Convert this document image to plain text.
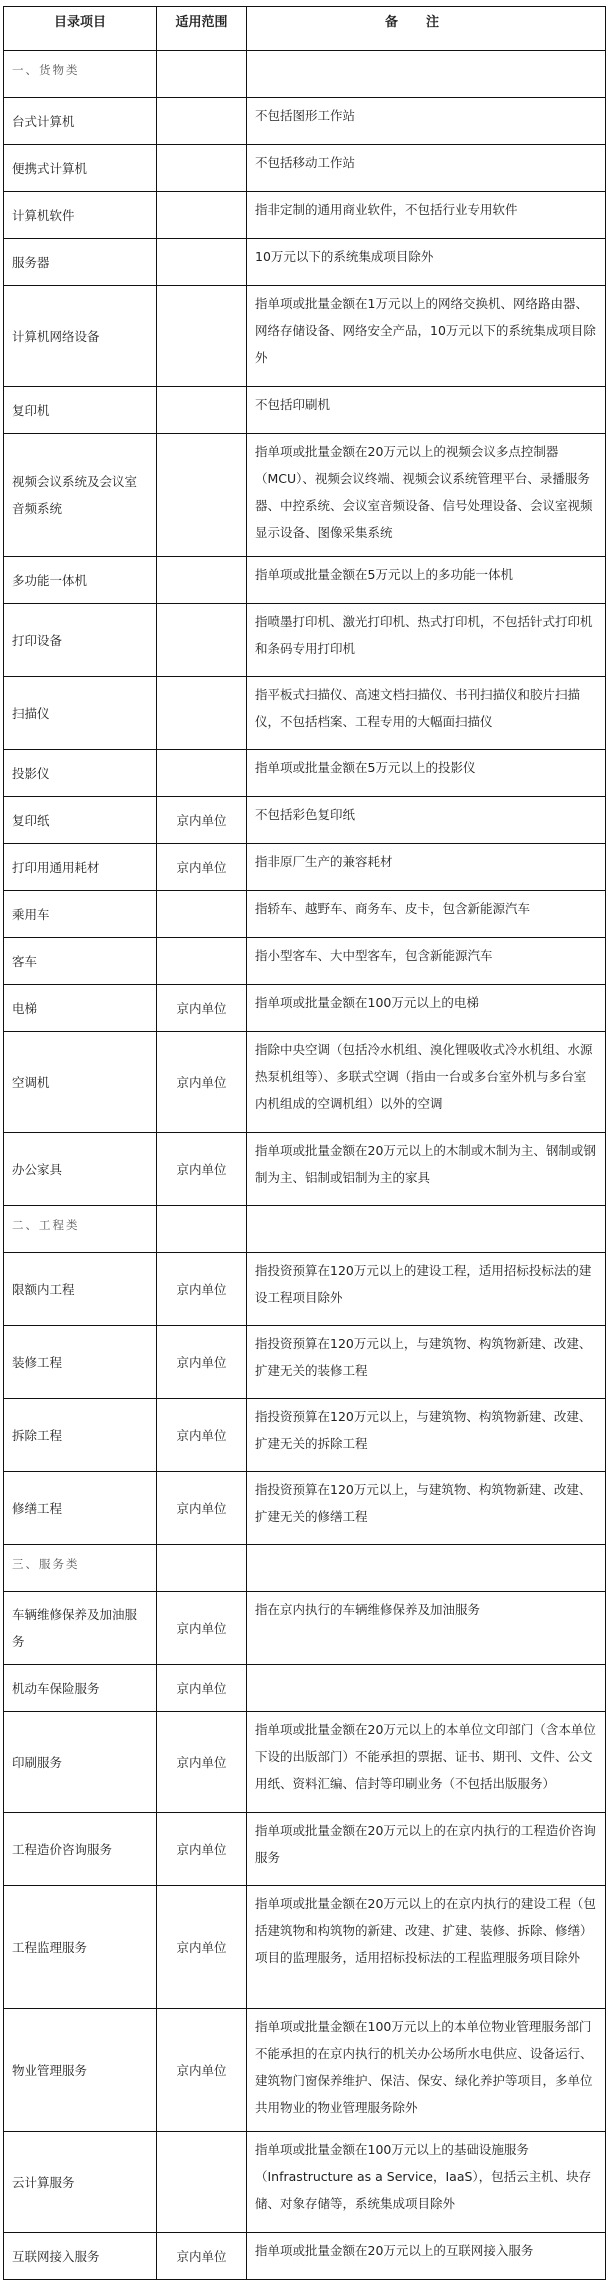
目录项目	适用范围	备注
一、货物类		
台式计算机		不包括图形工作站
便携式计算机		不包括移动工作站
计算机软件		指非定制的通用商业软件，不包括行业专用软件
服务器		10万元以下的系统集成项目除外
计算机网络设备		指单项或批量金额在1万元以上的网络交换机、网络路由器、网络存储设备、网络安全产品，10万元以下的系统集成项目除外
复印机		不包括印刷机
视频会议系统及会议室音频系统		指单项或批量金额在20万元以上的视频会议多点控制器（MCU）、视频会议终端、视频会议系统管理平台、录播服务器、中控系统、会议室音频设备、信号处理设备、会议室视频显示设备、图像采集系统
多功能一体机		指单项或批量金额在5万元以上的多功能一体机
打印设备		指喷墨打印机、激光打印机、热式打印机，不包括针式打印机和条码专用打印机
扫描仪		指平板式扫描仪、高速文档扫描仪、书刊扫描仪和胶片扫描仪，不包括档案、工程专用的大幅面扫描仪
投影仪		指单项或批量金额在5万元以上的投影仪
复印纸	京内单位	不包括彩色复印纸
打印用通用耗材	京内单位	指非原厂生产的兼容耗材
乘用车		指轿车、越野车、商务车、皮卡，包含新能源汽车
客车		指小型客车、大中型客车，包含新能源汽车
电梯	京内单位	指单项或批量金额在100万元以上的电梯
空调机	京内单位	指除中央空调（包括冷水机组、溴化锂吸收式冷水机组、水源热泵机组等）、多联式空调（指由一台或多台室外机与多台室内机组成的空调机组）以外的空调
办公家具	京内单位	指单项或批量金额在20万元以上的木制或木制为主、钢制或钢制为主、铝制或铝制为主的家具
二、工程类		
限额内工程	京内单位	指投资预算在120万元以上的建设工程，适用招标投标法的建设工程项目除外
装修工程	京内单位	指投资预算在120万元以上，与建筑物、构筑物新建、改建、扩建无关的装修工程
拆除工程	京内单位	指投资预算在120万元以上，与建筑物、构筑物新建、改建、扩建无关的拆除工程
修缮工程	京内单位	指投资预算在120万元以上，与建筑物、构筑物新建、改建、扩建无关的修缮工程
三、服务类		
车辆维修保养及加油服务	京内单位	指在京内执行的车辆维修保养及加油服务
机动车保险服务	京内单位	
印刷服务	京内单位	指单项或批量金额在20万元以上的本单位文印部门（含本单位下设的出版部门）不能承担的票据、证书、期刊、文件、公文用纸、资料汇编、信封等印刷业务（不包括出版服务）
工程造价咨询服务	京内单位	指单项或批量金额在20万元以上的在京内执行的工程造价咨询服务
工程监理服务	京内单位	指单项或批量金额在20万元以上的在京内执行的建设工程（包括建筑物和构筑物的新建、改建、扩建、装修、拆除、修缮）项目的监理服务，适用招标投标法的工程监理服务项目除外
物业管理服务	京内单位	指单项或批量金额在100万元以上的本单位物业管理服务部门不能承担的在京内执行的机关办公场所水电供应、设备运行、建筑物门窗保养维护、保洁、保安、绿化养护等项目，多单位共用物业的物业管理服务除外
云计算服务		指单项或批量金额在100万元以上的基础设施服务（Infrastructure as a Service，IaaS），包括云主机、块存储、对象存储等，系统集成项目除外
互联网接入服务	京内单位	指单项或批量金额在20万元以上的互联网接入服务
